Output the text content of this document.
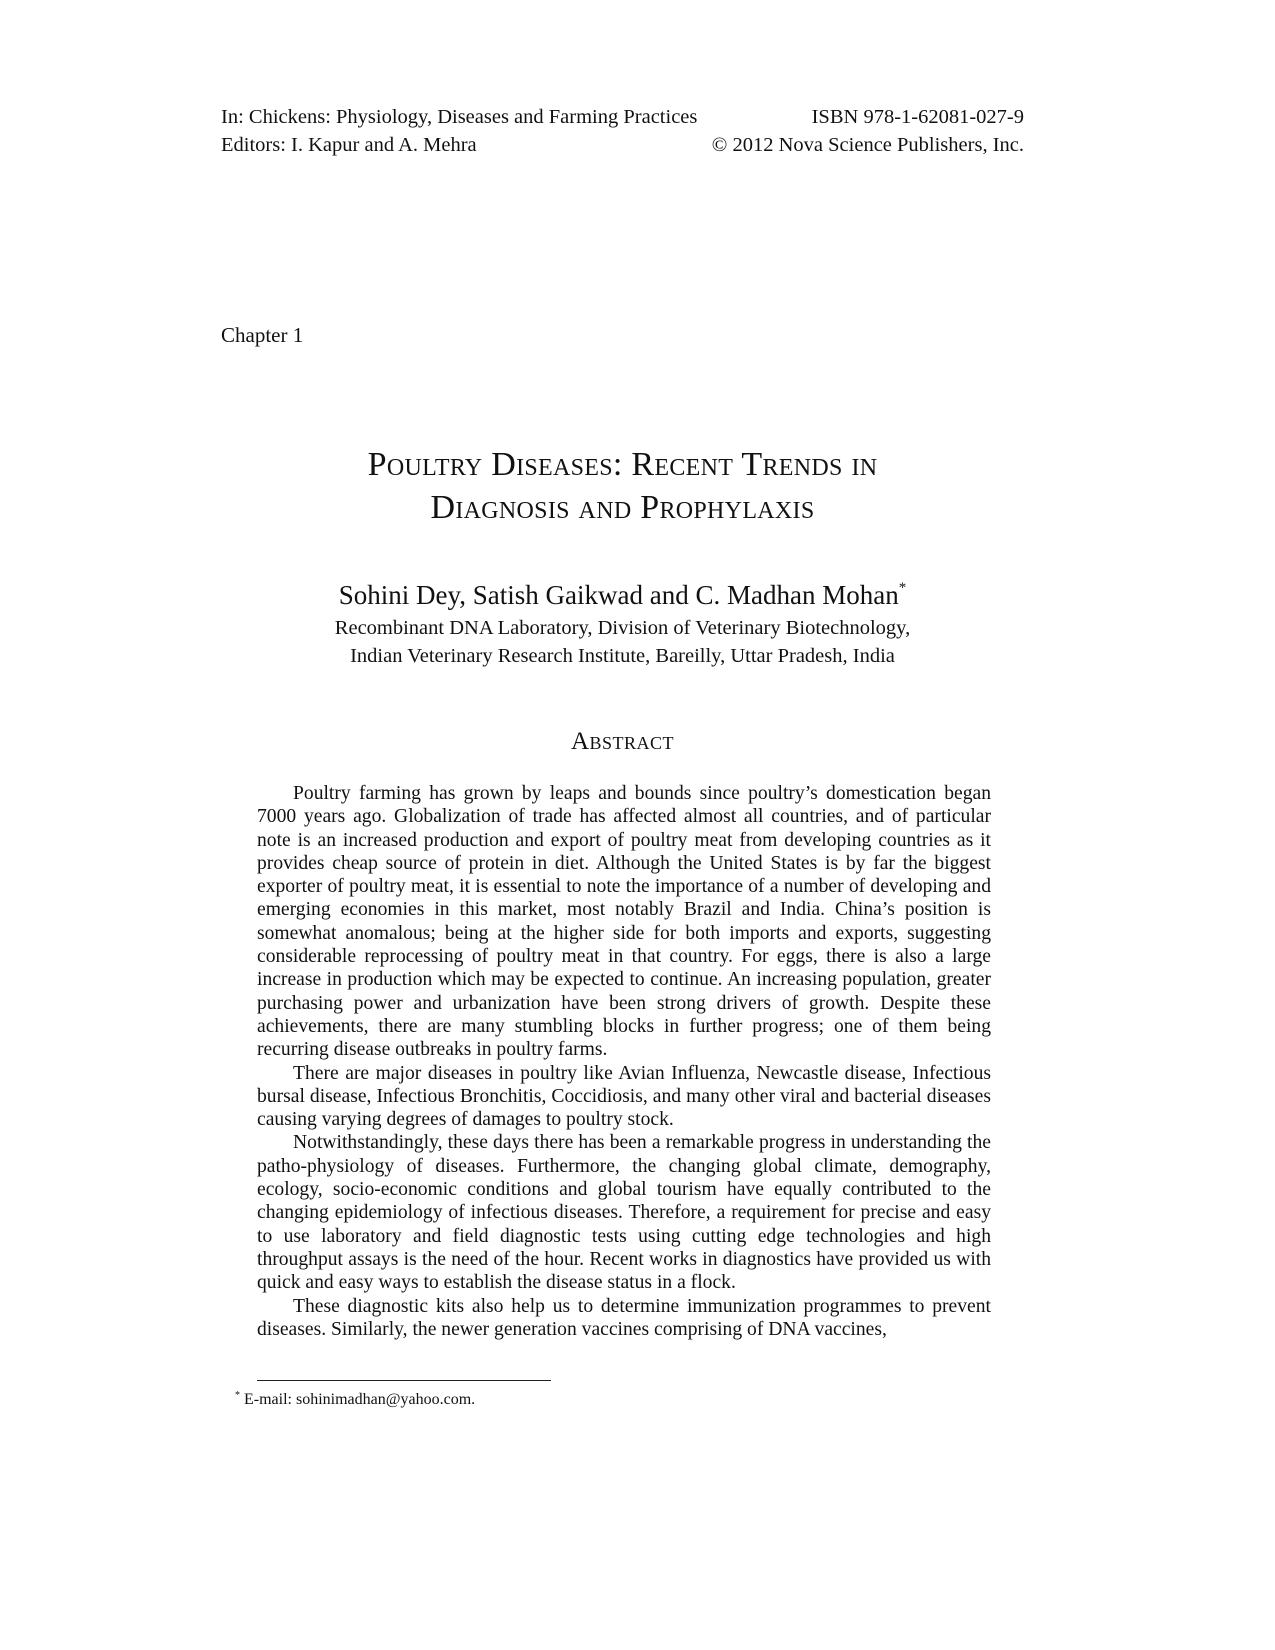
In: Chickens: Physiology, Diseases and Farming Practices	ISBN 978-1-62081-027-9
Editors: I. Kapur and A. Mehra	© 2012 Nova Science Publishers, Inc.
Chapter 1
Poultry Diseases: Recent Trends in
Diagnosis and Prophylaxis
Sohini Dey, Satish Gaikwad and C. Madhan Mohan*
Recombinant DNA Laboratory, Division of Veterinary Biotechnology,
Indian Veterinary Research Institute, Bareilly, Uttar Pradesh, India
Abstract

Poultry farming has grown by leaps and bounds since poultry’s domestication began 7000 years ago. Globalization of trade has affected almost all countries, and of particular note is an increased production and export of poultry meat from developing countries as it provides cheap source of protein in diet. Although the United States is by far the biggest exporter of poultry meat, it is essential to note the importance of a number of developing and emerging economies in this market, most notably Brazil and India. China’s position is somewhat anomalous; being at the higher side for both imports and exports, suggesting considerable reprocessing of poultry meat in that country. For eggs, there is also a large increase in production which may be expected to continue. An increasing population, greater purchasing power and urbanization have been strong drivers of growth. Despite these achievements, there are many stumbling blocks in further progress; one of them being recurring disease outbreaks in poultry farms.

There are major diseases in poultry like Avian Influenza, Newcastle disease, Infectious bursal disease, Infectious Bronchitis, Coccidiosis, and many other viral and bacterial diseases causing varying degrees of damages to poultry stock.

Notwithstandingly, these days there has been a remarkable progress in understanding the patho-physiology of diseases. Furthermore, the changing global climate, demography, ecology, socio-economic conditions and global tourism have equally contributed to the changing epidemiology of infectious diseases. Therefore, a requirement for precise and easy to use laboratory and field diagnostic tests using cutting edge technologies and high throughput assays is the need of the hour. Recent works in diagnostics have provided us with quick and easy ways to establish the disease status in a flock.

These diagnostic kits also help us to determine immunization programmes to prevent diseases. Similarly, the newer generation vaccines comprising of DNA vaccines,

* E-mail: sohinimadhan@yahoo.com.
